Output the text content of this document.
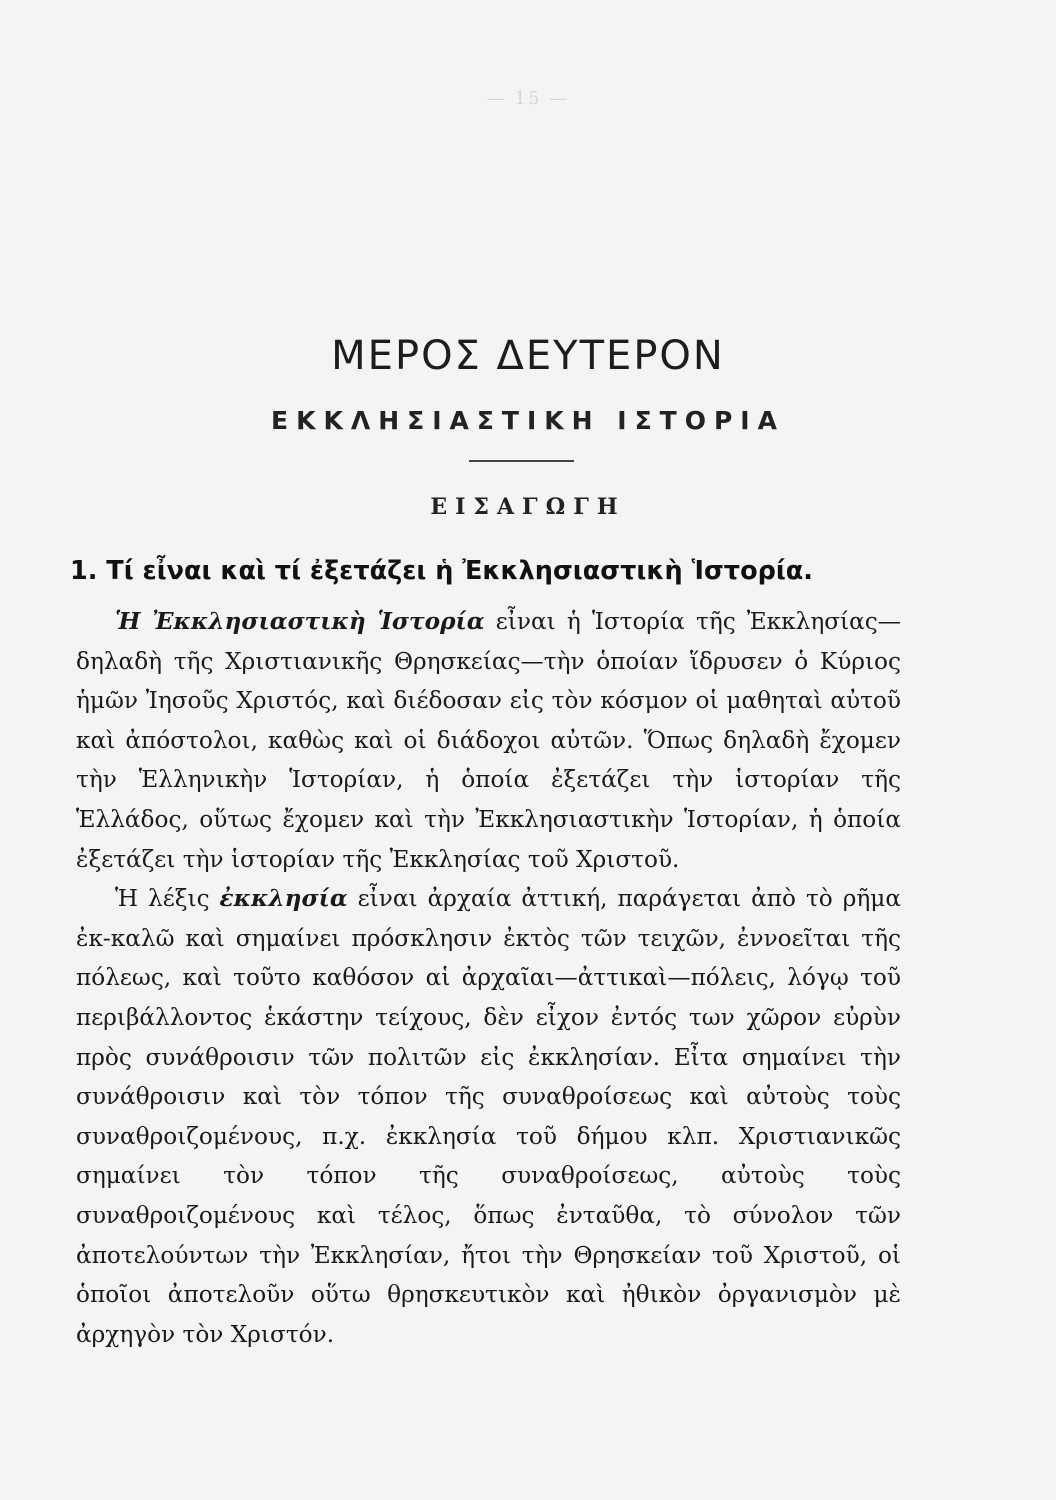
— 15 —
ΜΕΡΟΣ ΔΕΥΤΕΡΟΝ
ΕΚΚΛΗΣΙΑΣΤΙΚΗ ΙΣΤΟΡΙΑ
ΕΙΣΑΓΩΓΗ
1. Τί εἶναι καὶ τί ἐξετάζει ἡ Ἐκκλησιαστικὴ Ἱστορία.

Ἡ Ἐκκλησιαστικὴ Ἱστορία εἶναι ἡ Ἱστορία τῆς Ἐκκλησίας—δηλαδὴ τῆς Χριστιανικῆς Θρησκείας—τὴν ὁποίαν ἵδρυσεν ὁ Κύριος ἡμῶν Ἰησοῦς Χριστός, καὶ διέδοσαν εἰς τὸν κόσμον οἱ μαθηταὶ αὐτοῦ καὶ ἀπόστολοι, καθὼς καὶ οἱ διάδοχοι αὐτῶν. Ὅπως δηλαδὴ ἔχομεν τὴν Ἑλληνικὴν Ἱστορίαν, ἡ ὁποία ἐξετάζει τὴν ἱστορίαν τῆς Ἑλλάδος, οὕτως ἔχομεν καὶ τὴν Ἐκκλησιαστικὴν Ἱστορίαν, ἡ ὁποία ἐξετάζει τὴν ἱστορίαν τῆς Ἐκκλησίας τοῦ Χριστοῦ.

Ἡ λέξις ἐκκλησία εἶναι ἀρχαία ἀττική, παράγεται ἀπὸ τὸ ρῆμα ἐκ-καλῶ καὶ σημαίνει πρόσκλησιν ἐκτὸς τῶν τειχῶν, ἐννοεῖται τῆς πόλεως, καὶ τοῦτο καθόσον αἱ ἀρχαῖαι—ἀττικαὶ—πόλεις, λόγῳ τοῦ περιβάλλοντος ἑκάστην τείχους, δὲν εἶχον ἐντός των χῶρον εὐρὺν πρὸς συνάθροισιν τῶν πολιτῶν εἰς ἐκκλησίαν. Εἶτα σημαίνει τὴν συνάθροισιν καὶ τὸν τόπον τῆς συναθροίσεως καὶ αὐτοὺς τοὺς συναθροιζομένους, π.χ. ἐκκλησία τοῦ δήμου κλπ. Χριστιανικῶς σημαίνει τὸν τόπον τῆς συναθροίσεως, αὐτοὺς τοὺς συναθροιζομένους καὶ τέλος, ὅπως ἐνταῦθα, τὸ σύνολον τῶν ἀποτελούντων τὴν Ἐκκλησίαν, ἤτοι τὴν Θρησκείαν τοῦ Χριστοῦ, οἱ ὁποῖοι ἀποτελοῦν οὕτω θρησκευτικὸν καὶ ἠθικὸν ὀργανισμὸν μὲ ἀρχηγὸν τὸν Χριστόν.
